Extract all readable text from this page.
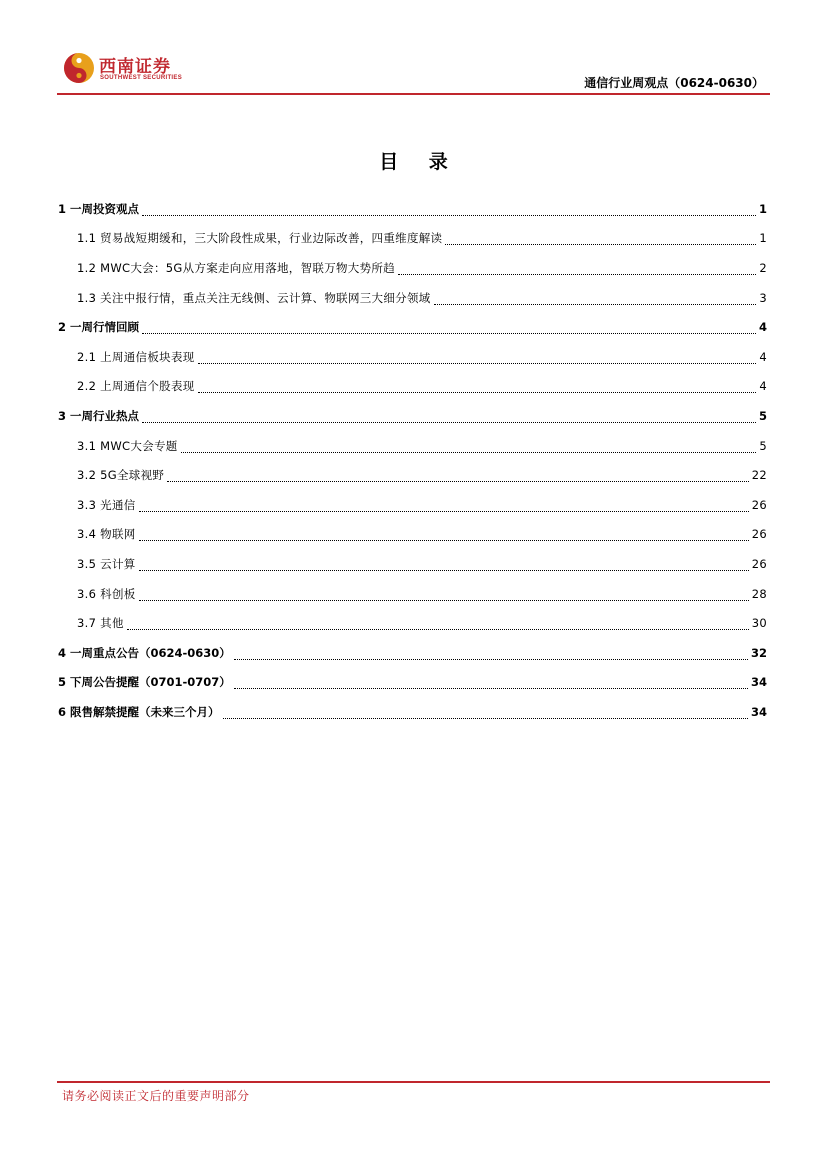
西南证券
SOUTHWEST SECURITIES	通信行业周观点（0624-0630）
目 录
1 一周投资观点	1
1.1 贸易战短期缓和，三大阶段性成果，行业边际改善，四重维度解读	1
1.2 MWC大会：5G从方案走向应用落地，智联万物大势所趋	2
1.3 关注中报行情，重点关注无线侧、云计算、物联网三大细分领域	3
2 一周行情回顾	4
2.1 上周通信板块表现	4
2.2 上周通信个股表现	4
3 一周行业热点	5
3.1 MWC大会专题	5
3.2 5G全球视野	22
3.3 光通信	26
3.4 物联网	26
3.5 云计算	26
3.6 科创板	28
3.7 其他	30
4 一周重点公告（0624-0630）	32
5 下周公告提醒（0701-0707）	34
6 限售解禁提醒（未来三个月）	34
请务必阅读正文后的重要声明部分
